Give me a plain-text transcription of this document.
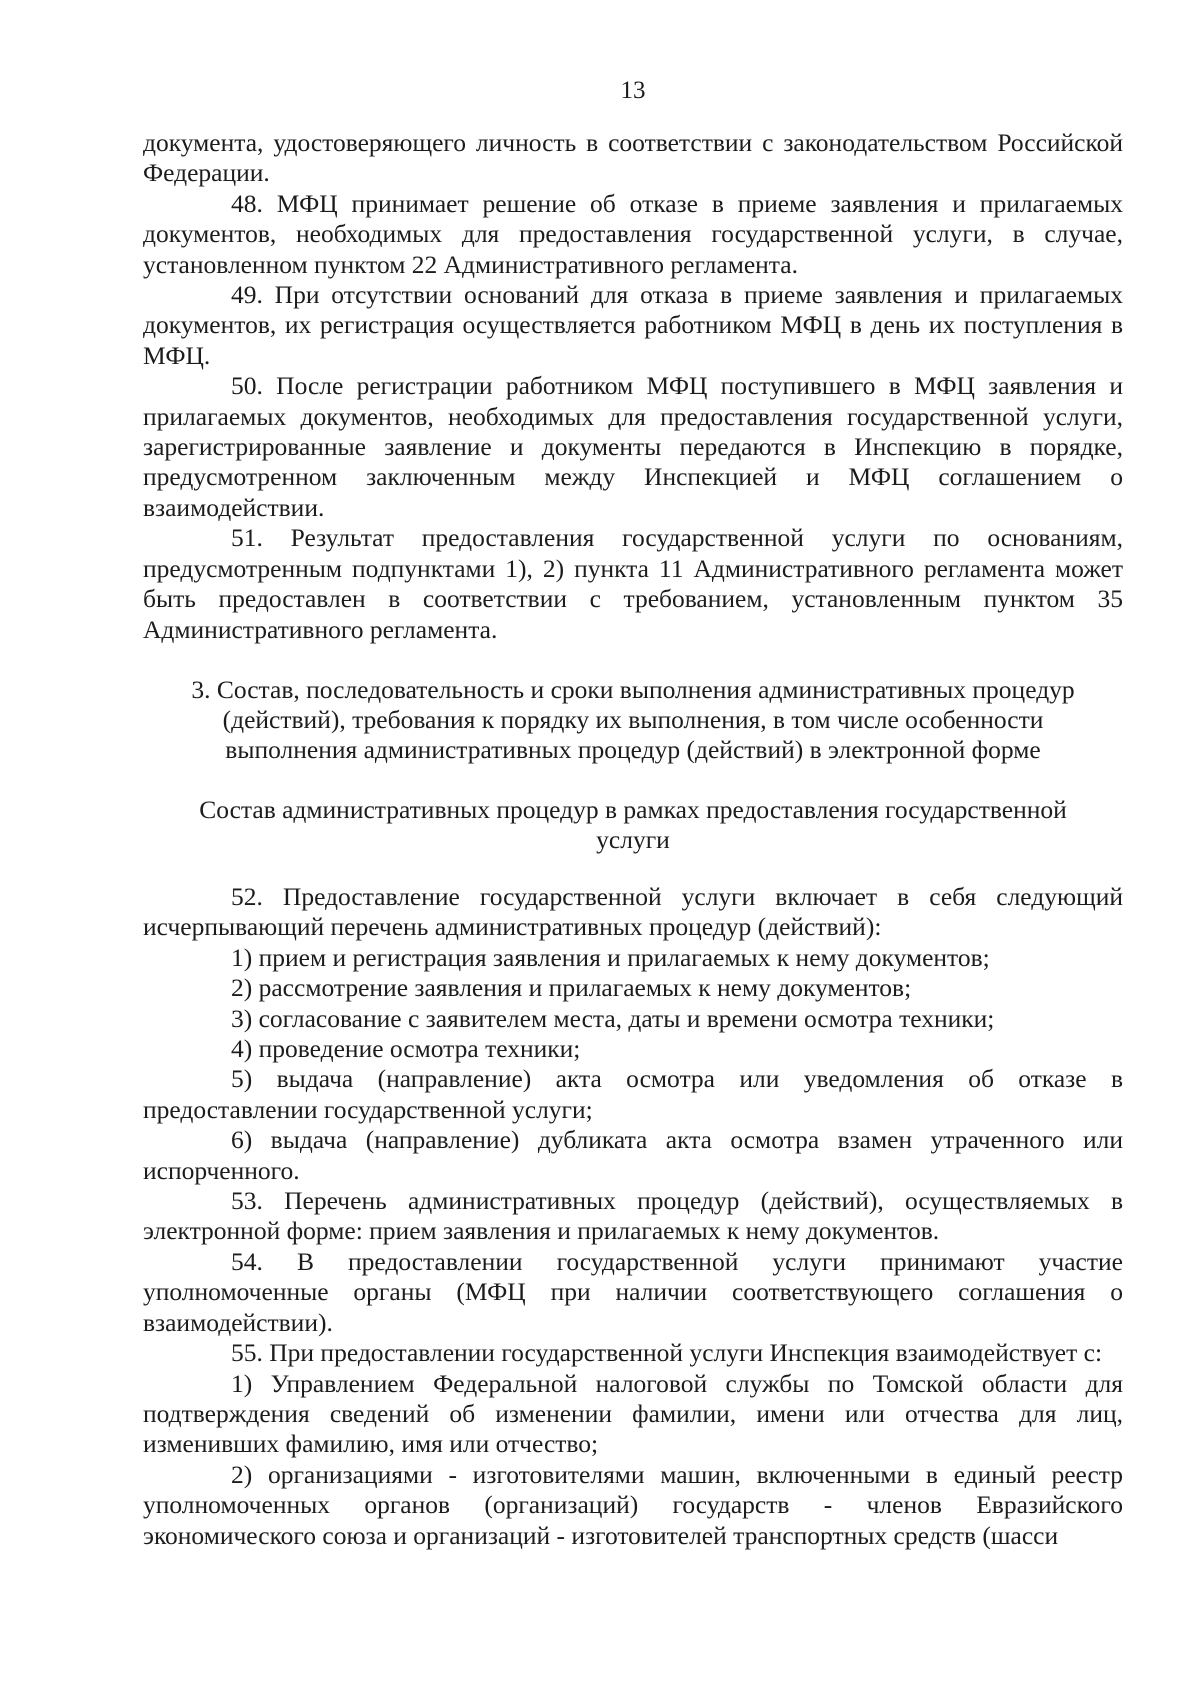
13

документа, удостоверяющего личность в соответствии с законодательством Российской Федерации.

48. МФЦ принимает решение об отказе в приеме заявления и прилагаемых документов, необходимых для предоставления государственной услуги, в случае, установленном пунктом 22 Административного регламента.

49. При отсутствии оснований для отказа в приеме заявления и прилагаемых документов, их регистрация осуществляется работником МФЦ в день их поступления в МФЦ.

50. После регистрации работником МФЦ поступившего в МФЦ заявления и прилагаемых документов, необходимых для предоставления государственной услуги, зарегистрированные заявление и документы передаются в Инспекцию в порядке, предусмотренном заключенным между Инспекцией и МФЦ соглашением о взаимодействии.

51. Результат предоставления государственной услуги по основаниям, предусмотренным подпунктами 1), 2) пункта 11 Административного регламента может быть предоставлен в соответствии с требованием, установленным пунктом 35 Административного регламента.

3. Состав, последовательность и сроки выполнения административных процедур
(действий), требования к порядку их выполнения, в том числе особенности
выполнения административных процедур (действий) в электронной форме
Состав административных процедур в рамках предоставления государственной
услуги

52. Предоставление государственной услуги включает в себя следующий исчерпывающий перечень административных процедур (действий):

1) прием и регистрация заявления и прилагаемых к нему документов;

2) рассмотрение заявления и прилагаемых к нему документов;

3) согласование с заявителем места, даты и времени осмотра техники;

4) проведение осмотра техники;

5) выдача (направление) акта осмотра или уведомления об отказе в предоставлении государственной услуги;

6) выдача (направление) дубликата акта осмотра взамен утраченного или испорченного.

53. Перечень административных процедур (действий), осуществляемых в электронной форме: прием заявления и прилагаемых к нему документов.

54. В предоставлении государственной услуги принимают участие уполномоченные органы (МФЦ при наличии соответствующего соглашения о взаимодействии).

55. При предоставлении государственной услуги Инспекция взаимодействует с:

1) Управлением Федеральной налоговой службы по Томской области для подтверждения сведений об изменении фамилии, имени или отчества для лиц, изменивших фамилию, имя или отчество;

2) организациями - изготовителями машин, включенными в единый реестр уполномоченных органов (организаций) государств - членов Евразийского экономического союза и организаций - изготовителей транспортных средств (шасси
